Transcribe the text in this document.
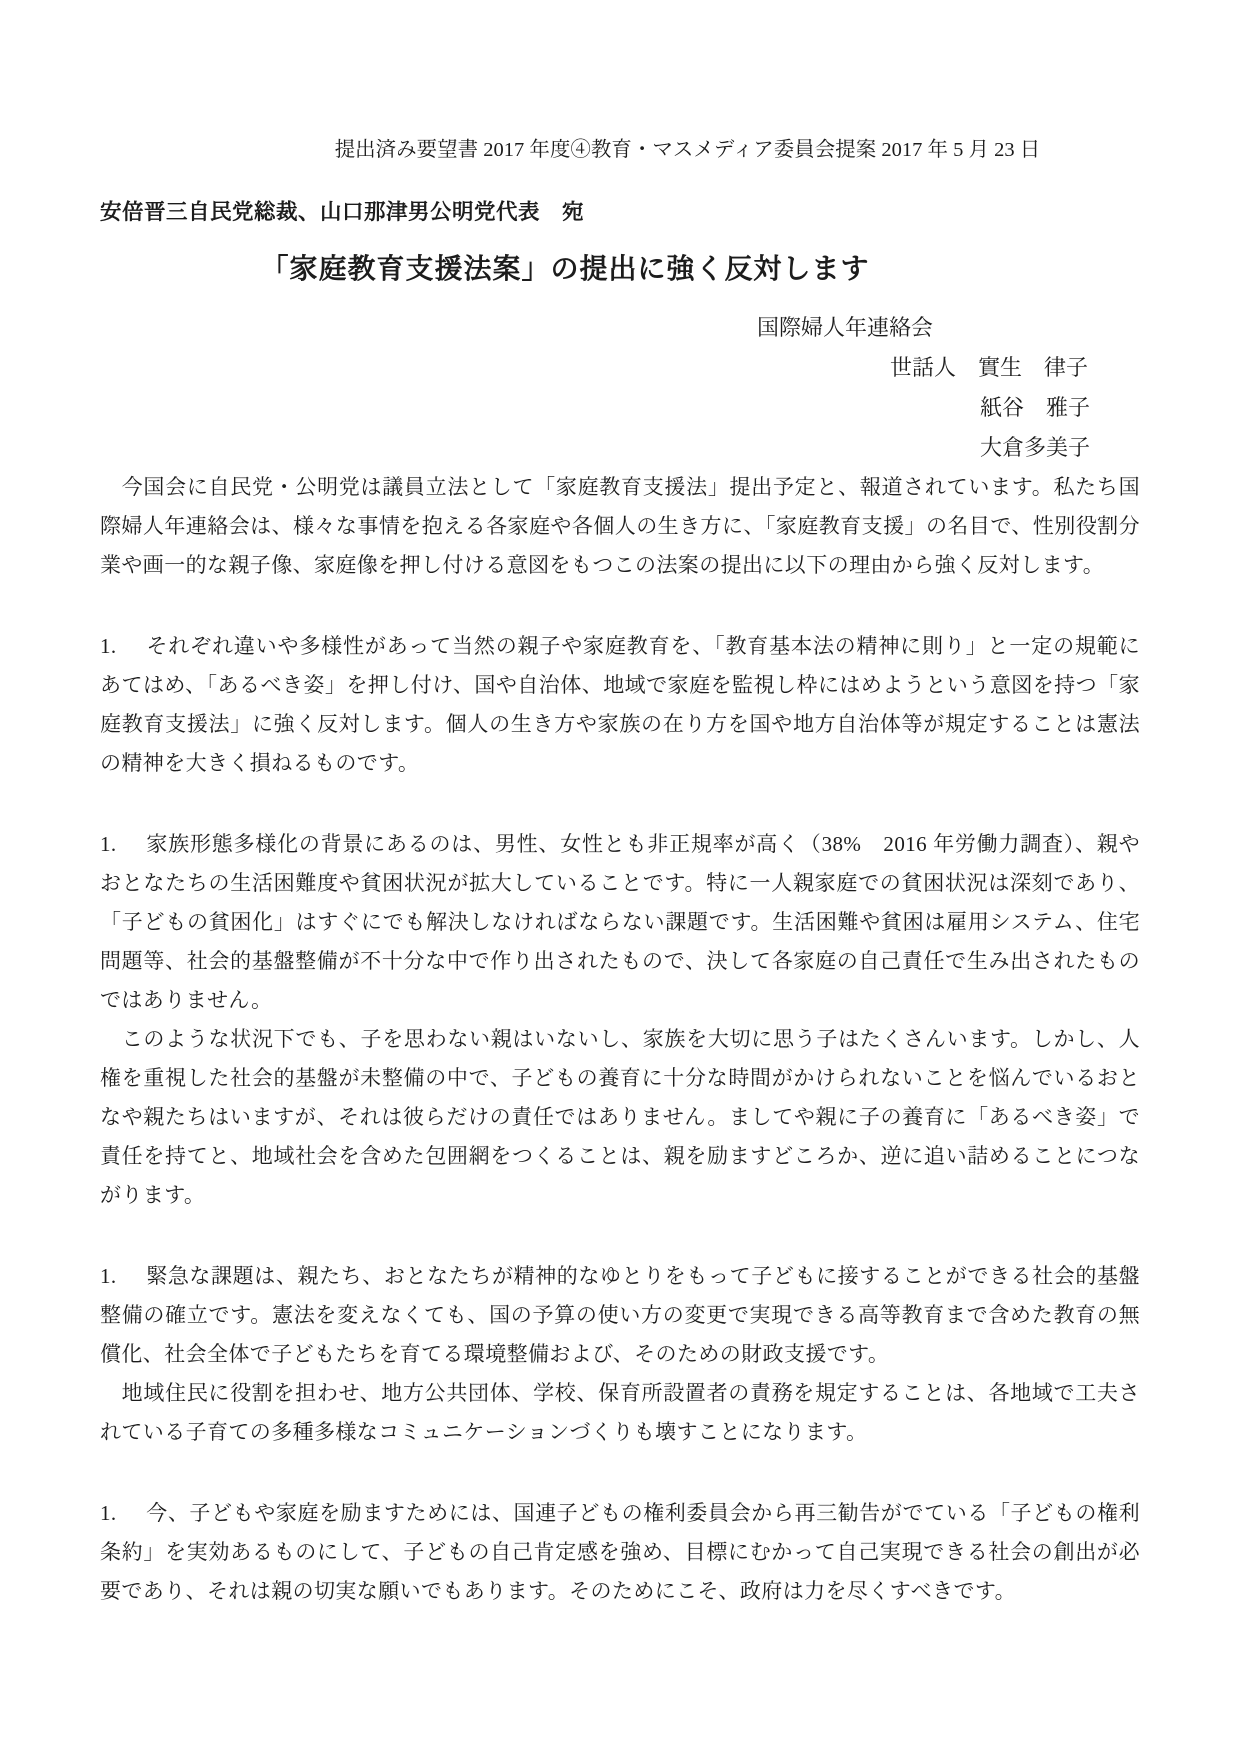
提出済み要望書 2017 年度④教育・マスメディア委員会提案 2017 年 5 月 23 日
安倍晋三自民党総裁、山口那津男公明党代表　宛
「家庭教育支援法案」の提出に強く反対します
国際婦人年連絡会
世話人　實生　律子
紙谷　雅子
大倉多美子

　今国会に自民党・公明党は議員立法として「家庭教育支援法」提出予定と、報道されています。私たち国際婦人年連絡会は、様々な事情を抱える各家庭や各個人の生き方に、「家庭教育支援」の名目で、性別役割分業や画一的な親子像、家庭像を押し付ける意図をもつこの法案の提出に以下の理由から強く反対します。

1. それぞれ違いや多様性があって当然の親子や家庭教育を、「教育基本法の精神に則り」と一定の規範にあてはめ、「あるべき姿」を押し付け、国や自治体、地域で家庭を監視し枠にはめようという意図を持つ「家庭教育支援法」に強く反対します。個人の生き方や家族の在り方を国や地方自治体等が規定することは憲法の精神を大きく損ねるものです。

1. 家族形態多様化の背景にあるのは、男性、女性とも非正規率が高く（38%　2016 年労働力調査）、親やおとなたちの生活困難度や貧困状況が拡大していることです。特に一人親家庭での貧困状況は深刻であり、「子どもの貧困化」はすぐにでも解決しなければならない課題です。生活困難や貧困は雇用システム、住宅問題等、社会的基盤整備が不十分な中で作り出されたもので、決して各家庭の自己責任で生み出されたものではありません。

　このような状況下でも、子を思わない親はいないし、家族を大切に思う子はたくさんいます。しかし、人権を重視した社会的基盤が未整備の中で、子どもの養育に十分な時間がかけられないことを悩んでいるおとなや親たちはいますが、それは彼らだけの責任ではありません。ましてや親に子の養育に「あるべき姿」で責任を持てと、地域社会を含めた包囲網をつくることは、親を励ますどころか、逆に追い詰めることにつながります。

1. 緊急な課題は、親たち、おとなたちが精神的なゆとりをもって子どもに接することができる社会的基盤整備の確立です。憲法を変えなくても、国の予算の使い方の変更で実現できる高等教育まで含めた教育の無償化、社会全体で子どもたちを育てる環境整備および、そのための財政支援です。

　地域住民に役割を担わせ、地方公共団体、学校、保育所設置者の責務を規定することは、各地域で工夫されている子育ての多種多様なコミュニケーションづくりも壊すことになります。

1. 今、子どもや家庭を励ますためには、国連子どもの権利委員会から再三勧告がでている「子どもの権利条約」を実効あるものにして、子どもの自己肯定感を強め、目標にむかって自己実現できる社会の創出が必要であり、それは親の切実な願いでもあります。そのためにこそ、政府は力を尽くすべきです。
